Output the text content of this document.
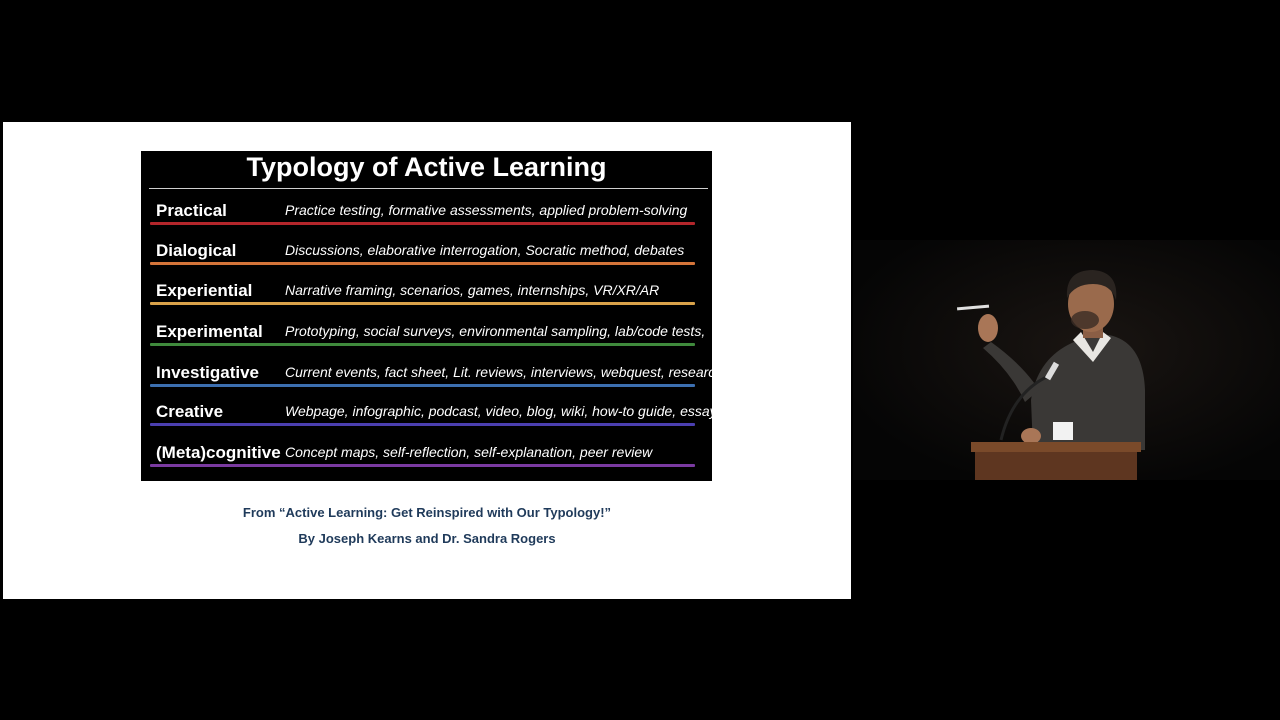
Typology of Active Learning
Practical	Practice testing, formative assessments, applied problem-solving
Dialogical	Discussions, elaborative interrogation, Socratic method, debates
Experiential Narrative framing, scenarios, games, internships, VR/XR/AR
Experimental Prototyping, social surveys, environmental sampling, lab/code tests,
Investigative Current events, fact sheet, Lit. reviews, interviews, webquest, research
Creative	Webpage, infographic, podcast, video, blog, wiki, how-to guide, essay
(Meta)cognitive Concept maps, self-reflection, self-explanation, peer review
From “Active Learning: Get Reinspired with Our Typology!”
By Joseph Kearns and Dr. Sandra Rogers
